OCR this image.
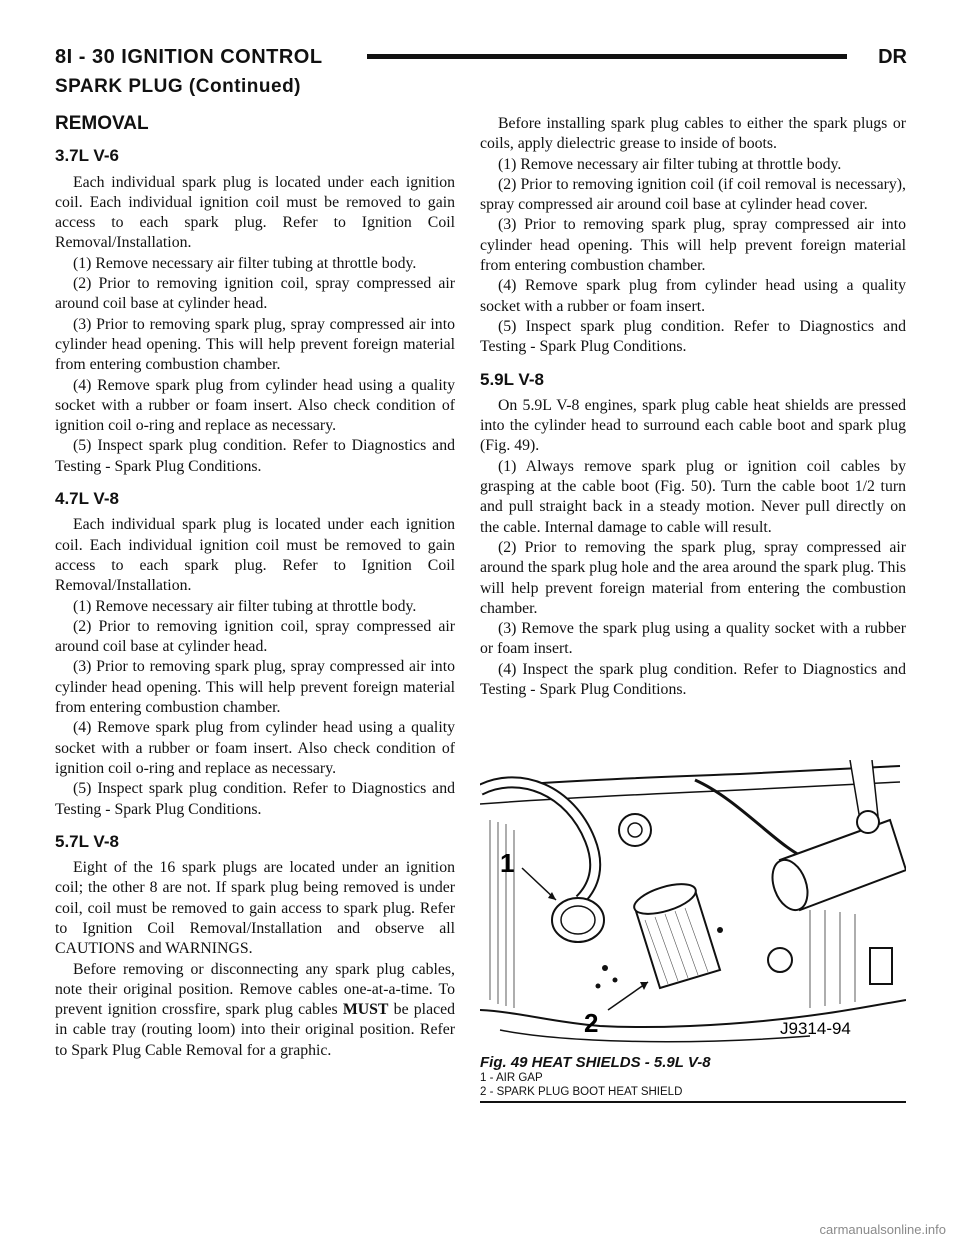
8I - 30 IGNITION CONTROL	DR
SPARK PLUG (Continued)
REMOVAL
3.7L V-6

Each individual spark plug is located under each ignition coil. Each individual ignition coil must be removed to gain access to each spark plug. Refer to Ignition Coil Removal/Installation.

(1) Remove necessary air filter tubing at throttle body.

(2) Prior to removing ignition coil, spray compressed air around coil base at cylinder head.

(3) Prior to removing spark plug, spray compressed air into cylinder head opening. This will help prevent foreign material from entering combustion chamber.

(4) Remove spark plug from cylinder head using a quality socket with a rubber or foam insert. Also check condition of ignition coil o-ring and replace as necessary.

(5) Inspect spark plug condition. Refer to Diagnostics and Testing - Spark Plug Conditions.

4.7L V-8

Each individual spark plug is located under each ignition coil. Each individual ignition coil must be removed to gain access to each spark plug. Refer to Ignition Coil Removal/Installation.

(1) Remove necessary air filter tubing at throttle body.

(2) Prior to removing ignition coil, spray compressed air around coil base at cylinder head.

(3) Prior to removing spark plug, spray compressed air into cylinder head opening. This will help prevent foreign material from entering combustion chamber.

(4) Remove spark plug from cylinder head using a quality socket with a rubber or foam insert. Also check condition of ignition coil o-ring and replace as necessary.

(5) Inspect spark plug condition. Refer to Diagnostics and Testing - Spark Plug Conditions.

5.7L V-8

Eight of the 16 spark plugs are located under an ignition coil; the other 8 are not. If spark plug being removed is under coil, coil must be removed to gain access to spark plug. Refer to Ignition Coil Removal/Installation and observe all CAUTIONS and WARNINGS.

Before removing or disconnecting any spark plug cables, note their original position. Remove cables one-at-a-time. To prevent ignition crossfire, spark plug cables MUST be placed in cable tray (routing loom) into their original position. Refer to Spark Plug Cable Removal for a graphic.

Before installing spark plug cables to either the spark plugs or coils, apply dielectric grease to inside of boots.

(1) Remove necessary air filter tubing at throttle body.

(2) Prior to removing ignition coil (if coil removal is necessary), spray compressed air around coil base at cylinder head cover.

(3) Prior to removing spark plug, spray compressed air into cylinder head opening. This will help prevent foreign material from entering combustion chamber.

(4) Remove spark plug from cylinder head using a quality socket with a rubber or foam insert.

(5) Inspect spark plug condition. Refer to Diagnostics and Testing - Spark Plug Conditions.

5.9L V-8

On 5.9L V-8 engines, spark plug cable heat shields are pressed into the cylinder head to surround each cable boot and spark plug (Fig. 49).

(1) Always remove spark plug or ignition coil cables by grasping at the cable boot (Fig. 50). Turn the cable boot 1/2 turn and pull straight back in a steady motion. Never pull directly on the cable. Internal damage to cable will result.

(2) Prior to removing the spark plug, spray compressed air around the spark plug hole and the area around the spark plug. This will help prevent foreign material from entering the combustion chamber.

(3) Remove the spark plug using a quality socket with a rubber or foam insert.

(4) Inspect the spark plug condition. Refer to Diagnostics and Testing - Spark Plug Conditions.

1
2	J9314-94
Fig. 49 HEAT SHIELDS - 5.9L V-8
1 - AIR GAP
2 - SPARK PLUG BOOT HEAT SHIELD
carmanualsonline.info
